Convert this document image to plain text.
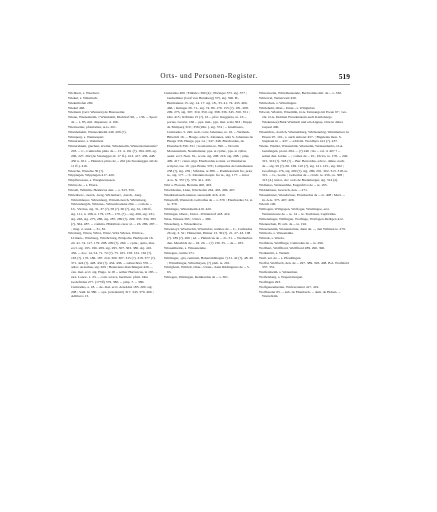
Orts- und Personen-Register.	519
Wichbert, s. Wiechert.
Wiekel, s. Wikelisch.
Wiekelhofen 260.
Wiekel 466.
Wiemarn (verl. Wienarn) de Bussweiler.
Wiene, Wienesheim, J Wienbeim, Diebdorf 96, -- 136. -- Sperc de -- 1, 85, mil. dispensar. 4. 196.
Wienweiler, pfalzbelier, A.G. 201.
Winnbeheim, Wieneckheim 249. 206 (?).
Winnperg, s. Wennespert.
Wintererutz, s. Weinitzel.
Wintershiem, giechen, etwiler, Windenaim, Winterstettenstein? 203. -- C., Cumradus plnto de -- 13. 4. 191 (?). 184. 200, ag. 206, 227. 262 (de Staalegger dr. 17 ff.). 413. 417. 436. 448. 450 u. 451. -- Heinrica plnto de -- 202 (de Staalengger ald dr. 11 ff.). 416.
Wiesche, Wiesche 30 (?).
Wipplegen, Wipplegen 417. 420.
Wirpfinwesen, s. Wieginewiesen.
Wirtus de -- s. Ebera.
Wirsell, Wilmlin, Heinricus den. -- s. 323. 350.
Wittenberc, -berch, -berg, Wirtenberc, -berch, -berg, Wirtemberec, Wirtenberg, Wirtem-berch, Wirtinberg, Wirtenbergch, Wirtene-, Wirtenbrodene 264. -- com de -- Ul., Vircius, sig. 31, 37 (?), 58 (?). 60 (?), sig. 61, 100 ff., sig. 111, n. 198, n. 179, 178 -- 179, (?) -- sig. 206, sig. 231, sig. 246, sig. 275, 286, sig. 287, 289 (?). 299. 333. 334. 383 (?), 364. 487. -- comma. Hlabilisio carer al. -- 26. 286. 287. -- mag. 2. autal. -- 31, 81.
Wirzberg, Wirze, Wirtz, Wirtz, Wirz Wirzes, Wirtice-, Urtinen-, Wirzburg, Wirzhcburg, Erbipolis, Herbipolis 16. 24. 41. 74. 117. 179. 208. 209 (?). 260. -- cpiis., optia, mai. eccl. sig. 195. 196. 209. sig. 295. 307. 363. 380. sig. 416. 456. -- doc. 14. 54. 71. 72 (?). 75. 105. 158. 161. 162 (?). 163 (?). 176. 186. 187. 219. 300. 307. 315 (?). 318. 377 (?). 371. 424 (?). 428. 432 (?). 434. 436. -- subarchiva 376. -- adisc. Aranthus, sig. 209 ; Heiarrenzo Reichliugen 426. -- can. mai. eccl. sig. Hugo. le 18 -- selber Hartwicus, la 185. -- tara. Lance. 1. 23. -- com. scraca. herzbeer. pfalz. bitte Godefridus 277. (177ff) 379. 380. -- pmp. 7. -- 380. Cumradus, a. 18. -- de- mai. eccl. Arnoldus 185. 200, sig. 208 ; Sahl. In 380. -- ops. (scientem!) 317. 343. 379. 406 ; Adlibero 13.
Cumradus 409 ; Embriro 390 (4) ; Ebringer 375. sig. 377 ; Guthelmier (Graf von Hennberg) 375, sig. 390. H., Hermannus 15. sig. 14. 17. sig. 18., 33. 41. 74. 435. 460. 466. ; Ikringer 26. 71., sig. 74. 80. 179. 155 (?). 181. 208. 209. 275, sig. 307. 319. 350. sig. 398. 336. 345. 350. 351 ; Otto 415 ; Rifrides 15 (?), 16 -- pfac. Reggerns, te. 16 -- portes. Gravia. 166 -- pps. mai., pps. mai. scala 363 ; Dapps de Trimperg 319 ; 356 (Ohr. ). sig. 374 ; -- Innalbeers, Cumradus. 5. 240. sedt. corte Johannes, te. 16. -- Weiberk. Biberich 16. -- Hosge, adre S. Johannes, adre S. Johannes de Hauge 336. Hauge, pps 14. ; 347. 348. Burchardus, de Eisenbach 356. 351 ; Gostiarma te. 390. -- Novum Monasterium, Neumsinster, pps. et cpllar., pps. et cpllar, aesul. eccl. Nest. 91., scola, sig. 208. 216. sig. 298. ; pmp. 409. 417 ; canet. mgr. Eberhardus scolast. et Wernherus scriptor, tse. 16 ; pps Bruno 376 ; Lamparins de Giriezhusen 238 (?), sig. 239 ; Sifridus, te 380. -- Predikatorum fre, prior te., sig. 177. -- S. Johannis hospit. fre te., sig. 177. -- hrior A.G. N. 357 (?). 379. 411. 435.
Wirt s. Florens, Bernins 400. 403.
Wischhofen, Lhan, Wischofen 264. 403. 406. 407.
Wienbiselauch-nennat, sarerendit 416. 419.
Wiiseleiff, Wenterdt, Leibolfus de -- s. 376 ; Eberhardus 51. st. te. 379.
Wittmiges, Wittelsheim 419. 420.
Wittinger, Oberr., Unter. -Wittendorf 418. 419.
Wise, Wiesen 395 ; Ulrics -- 396.
Wieseburg, s. Wiesenhove.
Wiwanoyl, Wiwitschti, Wiwitnbic, nobiles de -- C., Cumradus 26 sig. 3. 52 ; Haineristi, Hainer 13. 39 (?). 21. 27. 43. 108 (?). 189 (?). 206 ; ad. -- Hainricus de -- 21. 51. -- Werherbus den. Mereblds de -- 18. 26. -- (?) 139. 35. -- de -- 183.
Wissemhelde, s. Wissenelehe.
Wittegen, curtile 271.
Wittlinger, -gia, centrum, Haberembhagen ?) 31. 42 (?), 48. 49 ; Wittelbinger, Wittelbayen, (?) pleb. te. 291.
Wittigfetal, Wiltlelt, Ober-, Unter-, dann Rüdingerus de -- 5. 63.
Wittegen, Weltingen, Reinhardus de -- s. 301.
Wittenweile, Wittelhausende, Bechtoldus mil. de -- s. 330.
Wittervel, Wetterweil 430.
Wittlechen, s. Wittelingen.
Wittlehehl, Ober-, Unter-, s. Witiglebel.
Wiwoit, Wiszbit, Wisembh, O.A. Tettnangs im Ewen 97 ; ver-chr. O.A. Dolmen Freudenatein auch Kattlebergs. Wiekensee) Burk Wismadt und ein Aippsp. Orte in daher Gapeal 400.
Wisembrn., dorrlch, Wunnebherg, Wirmenebrg, Weiumeberc in Elsass 97. 101., s. auch Amorer 457. ; Bigelenis mon. S. Stephani in -- 437. -- addi im. Wordhyrs 412 (?). 437.
Wiebe, Wiebiz, Wissenbrik, Weenadin, Weissenherbs, O.A. Geislingen, proni. 284. -- (?) 246 ; bis ... ral. d. 407 ? -- seiten den. Iolder. -- ; comes de -- Ul., Ulrics, te. 178. -- 246. 315. 316 (?). 318 (?) -- Ber. Bertoldus, advoc. dmne, nach. de -- sig. 59 (?). 60. 169. 110 (?). sig. 121. 125., sig. 202 ; Gostfringo 176, sig. 209 (?). sig. 289, 291. 302. 313. 318, te. 315. -- G., Gotie. ; Goberius de -- clavit. te. 256., te. 308 ; 313 (4.) tzelor, circ ordo de Brennberger, sig. 314 (2).
Widlenso, Weissenbhe, Eugenfriva de -- te. 163.
Widdebnsur, Grevsch, den. -- 271.
Wissenbnrer, Wonebrisuc, Ebrehardus de -- te. 408 ; Merr. -- in. A.G. 375. 407, 408.
Wietch 106.
Wilbogen, Wlligogen, Wolfoger, Wleilingoe, erst. Wetternnoste de -- te. 14 -- te. Treibnsur, Cepfiridus.
Wiltenzinger, Wilfingen, Wolfinge, Wolfogen Ihrdigen 412.
Wieneschen, H. ach. de -- te. 192.
Wiesensiuiln, Wonenstelnie, dann de. --, den Wilmen te. 279.
Wittlecis, s. Weteenahle.
Wittrek, s. Werda.
Wolfshan, Wolffinge, Cumradus de -- te. 290.
Wolfhart, Wolffhard, Wolffhard 289. 290. 396.
Wolkenritt, s. Wennit.
Wull. sel. de -- s. Pfeullingen.
Wolfal, Wolfberb, den. de -- 297. 389. 393. 408. B.d. Wolfsfeld 337. 351.
Wulfersheim, s. Wenenben.
Wolfelsberg, s. Wapertsbergen.
Wolfingen 293.
Wolfgeneemerlen, Wulverstetter 417. 419.
Wolfbaeder 65. -- sub. de Ehenbach. -- dem. de Hohen. -- Wurtebrim.
